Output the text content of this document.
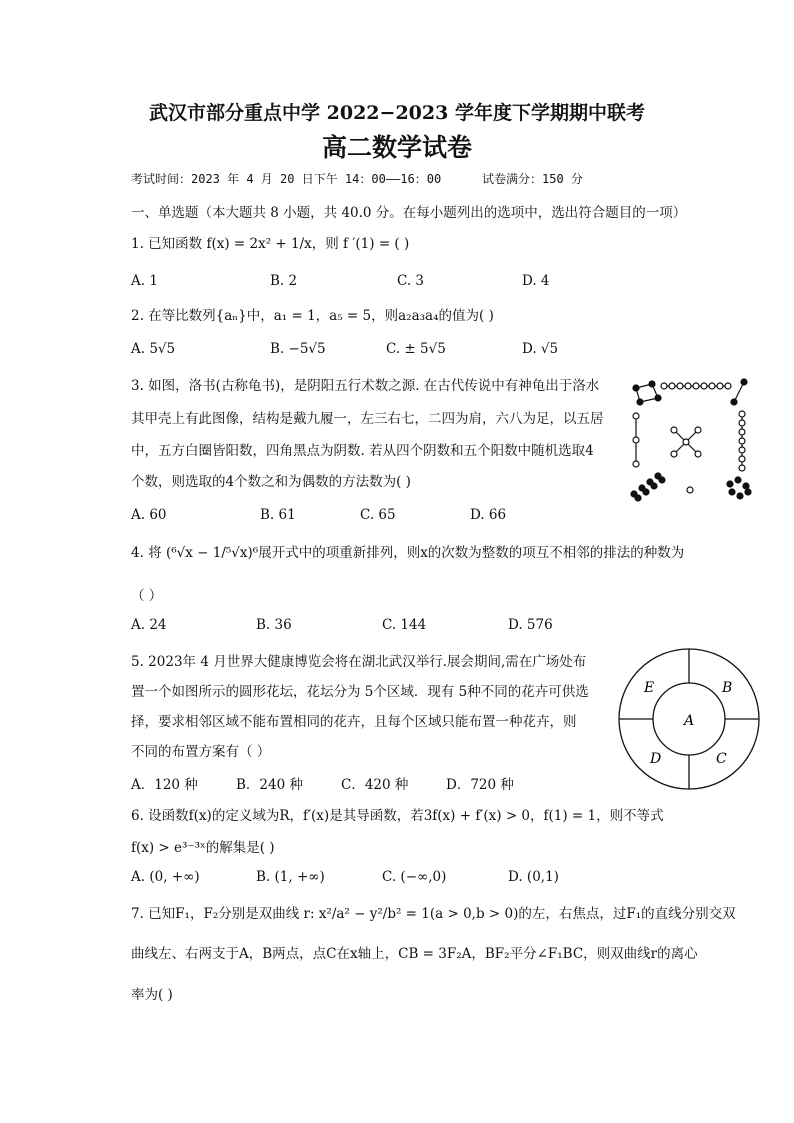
武汉市部分重点中学 2022−2023 学年度下学期期中联考
高二数学试卷
考试时间：2023 年 4 月 20 日下午 14：00——16：00	试卷满分：150 分
一、单选题（本大题共 8 小题，共 40.0 分。在每小题列出的选项中，选出符合题目的一项）
1. 已知函数 f(x) = 2x² + 1/x，则 f ′(1) = ( )
A. 1	B. 2	C. 3	D. 4
2. 在等比数列{aₙ}中，a₁ = 1，a₅ = 5，则a₂a₃a₄的值为( )
A. 5√5	B. −5√5	C. ± 5√5	D. √5
3. 如图，洛书(古称龟书)，是阴阳五行术数之源. 在古代传说中有神龟出于洛水
其甲壳上有此图像，结构是戴九履一，左三右七，二四为肩，六八为足，以五居
中，五方白圈皆阳数，四角黑点为阴数. 若从四个阴数和五个阳数中随机选取4
个数，则选取的4个数之和为偶数的方法数为( )
A. 60	B. 61	C. 65	D. 66
4. 将 (⁶√x − 1/⁵√x)⁶展开式中的项重新排列，则x的次数为整数的项互不相邻的排法的种数为
（ ）
A. 24	B. 36	C. 144	D. 576
5. 2023年 4 月世界大健康博览会将在湖北武汉举行.展会期间,需在广场处布
置一个如图所示的圆形花坛，花坛分为 5个区域．现有 5种不同的花卉可供选
择，要求相邻区域不能布置相同的花卉，且每个区域只能布置一种花卉，则
不同的布置方案有（ ）
A．120 种	B．240 种	C．420 种	D．720 种
E	B
A
D	C
6. 设函数f(x)的定义域为R，f′(x)是其导函数，若3f(x) + f′(x) > 0，f(1) = 1，则不等式
f(x) > e³⁻³ˣ的解集是( )
A. (0, +∞)	B. (1, +∞)	C. (−∞,0)	D. (0,1)
7. 已知F₁，F₂分别是双曲线 r: x²/a² − y²/b² = 1(a > 0,b > 0)的左，右焦点，过F₁的直线分别交双
曲线左、右两支于A，B两点，点C在x轴上，CB = 3F₂A，BF₂平分∠F₁BC，则双曲线r的离心
率为( )
